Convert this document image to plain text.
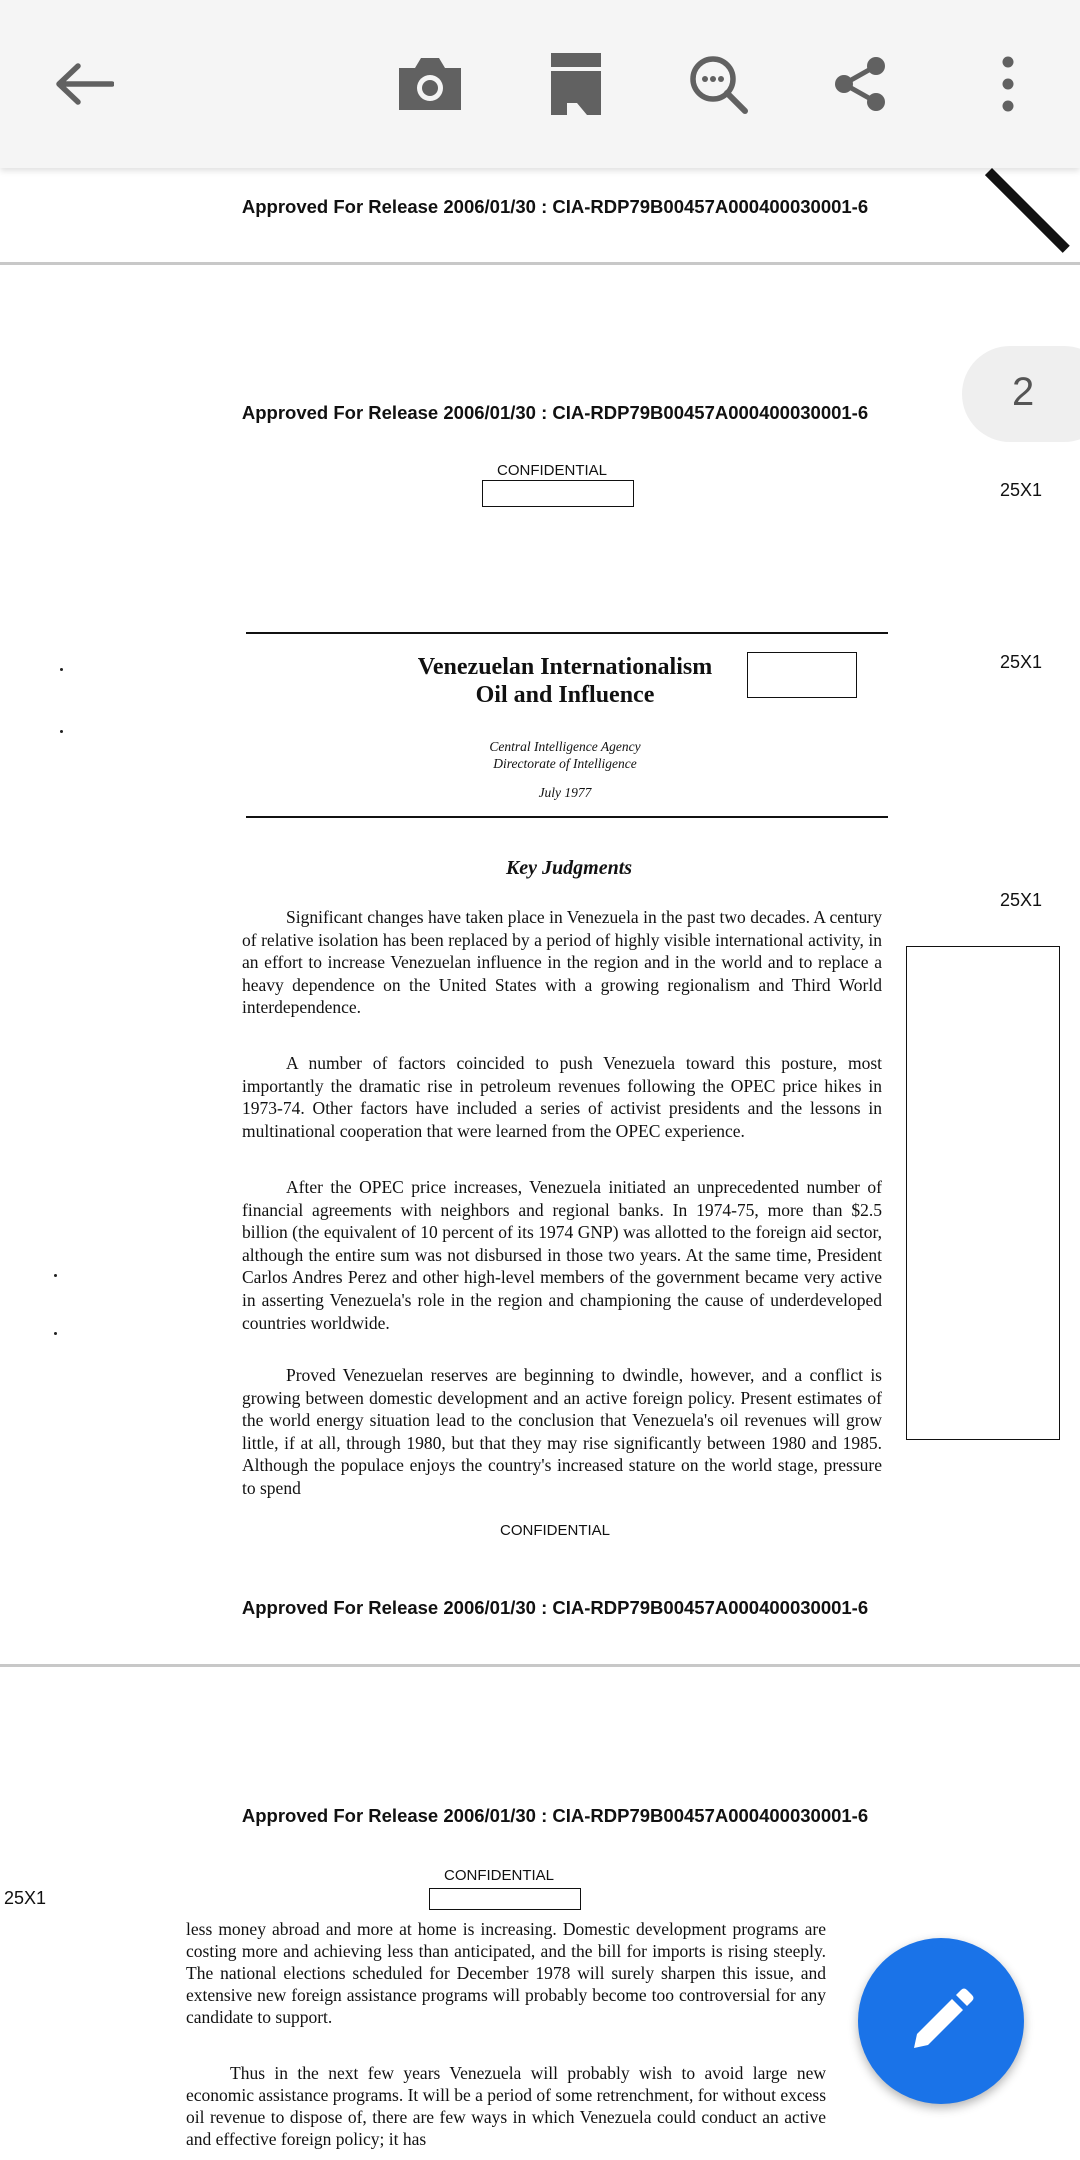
Approved For Release 2006/01/30 : CIA-RDP79B00457A000400030001-6
2
Approved For Release 2006/01/30 : CIA-RDP79B00457A000400030001-6
CONFIDENTIAL
25X1
25X1
25X1
Venezuelan Internationalism
Oil and Influence
Central Intelligence Agency
Directorate of Intelligence
July 1977
Key Judgments

Significant changes have taken place in Venezuela in the past two decades. A century of relative isolation has been replaced by a period of highly visible international activity, in an effort to increase Venezuelan influence in the region and in the world and to replace a heavy dependence on the United States with a growing regionalism and Third World interdependence.

A number of factors coincided to push Venezuela toward this posture, most importantly the dramatic rise in petroleum revenues following the OPEC price hikes in 1973-74. Other factors have included a series of activist presidents and the lessons in multinational cooperation that were learned from the OPEC experience.

After the OPEC price increases, Venezuela initiated an unprecedented number of financial agreements with neighbors and regional banks. In 1974-75, more than $2.5 billion (the equivalent of 10 percent of its 1974 GNP) was allotted to the foreign aid sector, although the entire sum was not disbursed in those two years. At the same time, President Carlos Andres Perez and other high-level members of the government became very active in asserting Venezuela's role in the region and championing the cause of underdeveloped countries worldwide.

Proved Venezuelan reserves are beginning to dwindle, however, and a conflict is growing between domestic development and an active foreign policy. Present estimates of the world energy situation lead to the conclusion that Venezuela's oil revenues will grow little, if at all, through 1980, but that they may rise significantly between 1980 and 1985. Although the populace enjoys the country's increased stature on the world stage, pressure to spend

CONFIDENTIAL
Approved For Release 2006/01/30 : CIA-RDP79B00457A000400030001-6
Approved For Release 2006/01/30 : CIA-RDP79B00457A000400030001-6
CONFIDENTIAL
25X1

less money abroad and more at home is increasing. Domestic development programs are costing more and achieving less than anticipated, and the bill for imports is rising steeply. The national elections scheduled for December 1978 will surely sharpen this issue, and extensive new foreign assistance programs will probably become too controversial for any candidate to support.

Thus in the next few years Venezuela will probably wish to avoid large new economic assistance programs. It will be a period of some retrenchment, for without excess oil revenue to dispose of, there are few ways in which Venezuela could conduct an active and effective foreign policy; it has
